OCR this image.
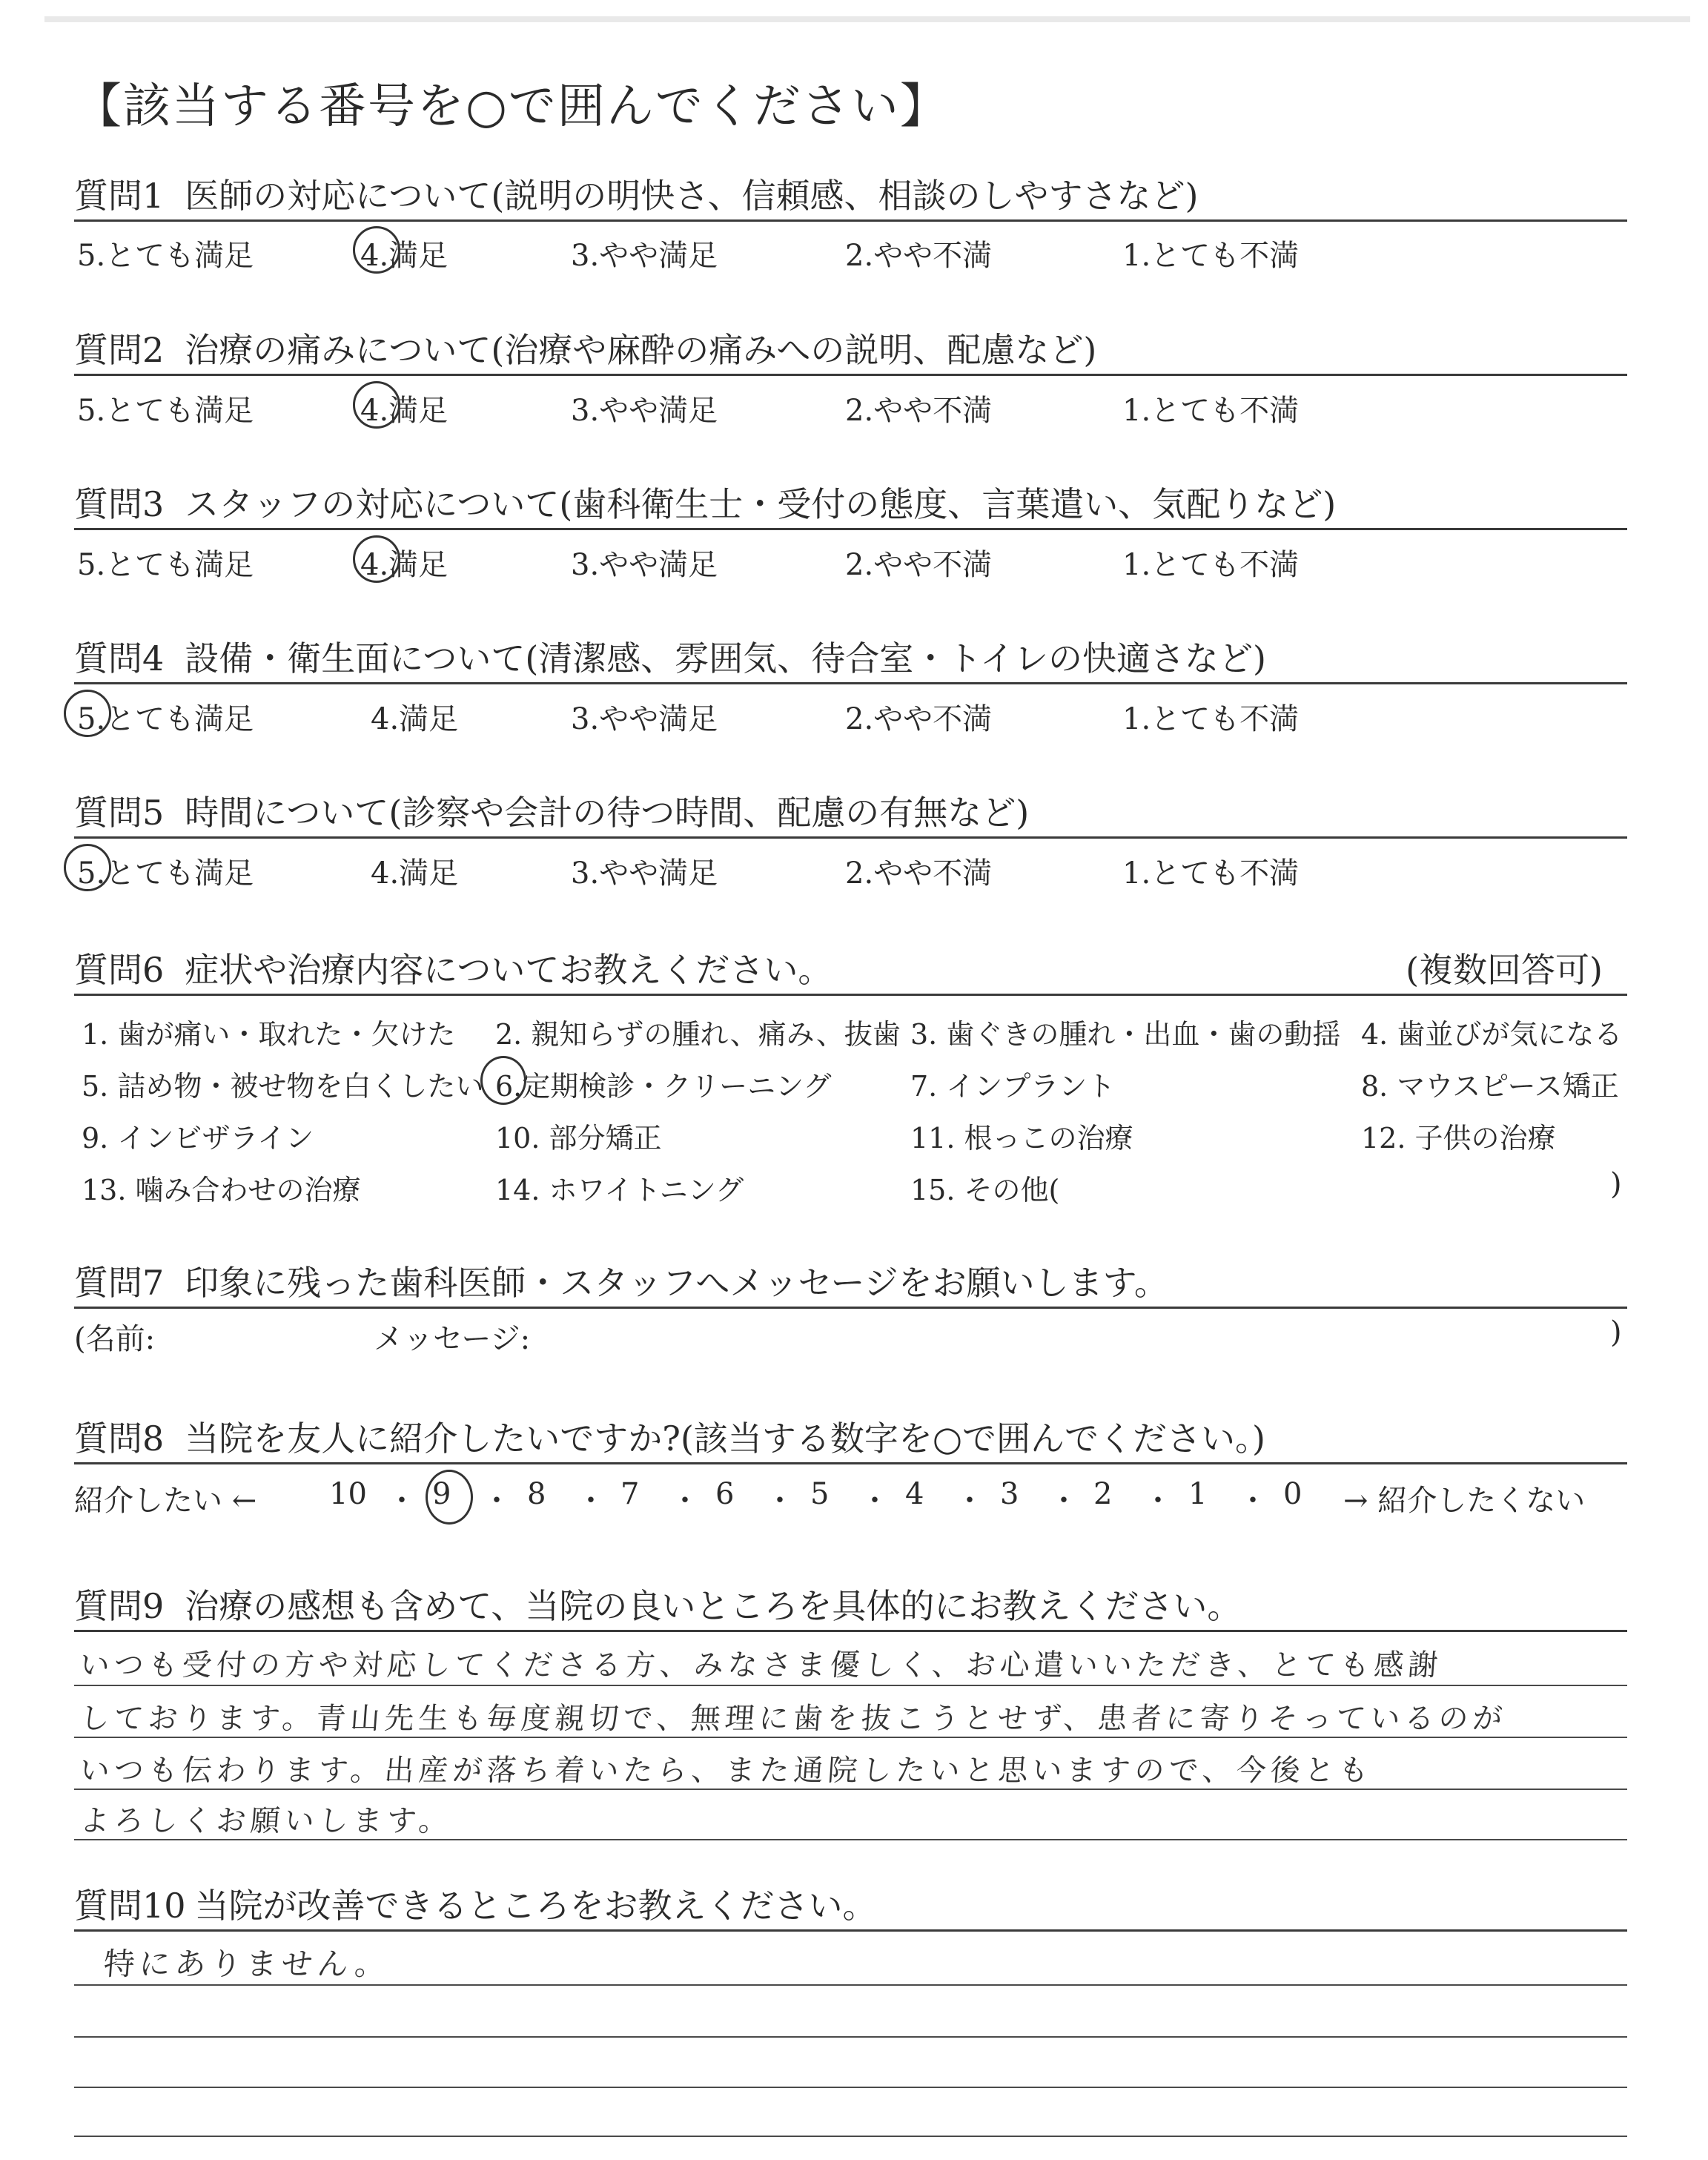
【該当する番号を○で囲んでください】
質問1 医師の対応について(説明の明快さ、信頼感、相談のしやすさなど)
5.とても満足	4.満足	3.やや満足	2.やや不満	1.とても不満
質問2 治療の痛みについて(治療や麻酔の痛みへの説明、配慮など)
5.とても満足	4.満足	3.やや満足	2.やや不満	1.とても不満
質問3 スタッフの対応について(歯科衛生士・受付の態度、言葉遣い、気配りなど)
5.とても満足	4.満足	3.やや満足	2.やや不満	1.とても不満
質問4 設備・衛生面について(清潔感、雰囲気、待合室・トイレの快適さなど)
5.とても満足	4.満足	3.やや満足	2.やや不満	1.とても不満
質問5 時間について(診察や会計の待つ時間、配慮の有無など)
5.とても満足	4.満足	3.やや満足	2.やや不満	1.とても不満
質問6 症状や治療内容についてお教えください。	(複数回答可)
1. 歯が痛い・取れた・欠けた 2. 親知らずの腫れ、痛み、抜歯 3. 歯ぐきの腫れ・出血・歯の動揺 4. 歯並びが気になる
5. 詰め物・被せ物を白くしたい 6.定期検診・クリーニング	7. インプラント	8. マウスピース矯正
9. インビザライン	10. 部分矯正	11. 根っこの治療	12. 子供の治療
13. 噛み合わせの治療	14. ホワイトニング	15. その他(	)
質問7 印象に残った歯科医師・スタッフへメッセージをお願いします。
(名前:	メッセージ:	)
質問8 当院を友人に紹介したいですか?(該当する数字を○で囲んでください。)
紹介したい ←	→ 紹介したくない
10 ・ 9 ・ 8 ・ 7 ・ 6 ・ 5 ・ 4 ・ 3 ・ 2 ・ 1 ・ 0
質問9 治療の感想も含めて、当院の良いところを具体的にお教えください。
いつも受付の方や対応してくださる方、みなさま優しく、お心遣いいただき、とても感謝
しております。青山先生も毎度親切で、無理に歯を抜こうとせず、患者に寄りそっているのが
いつも伝わります。出産が落ち着いたら、また通院したいと思いますので、今後とも
よろしくお願いします。
質問10 当院が改善できるところをお教えください。
特にありません。
